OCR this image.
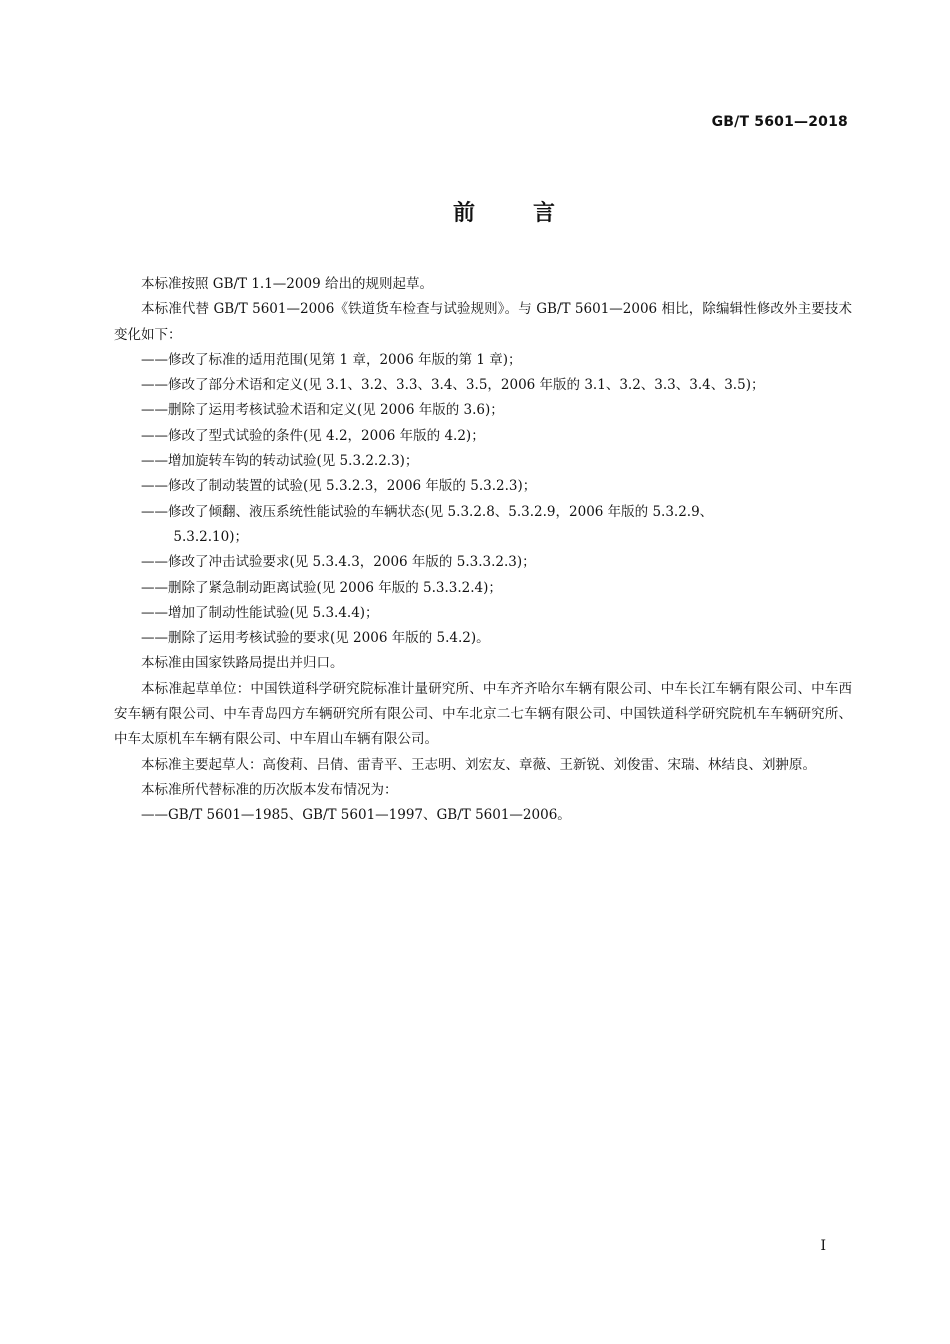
GB/T 5601—2018
前言
本标准按照 GB/T 1.1—2009 给出的规则起草。
本标准代替 GB/T 5601—2006《铁道货车检查与试验规则》。与 GB/T 5601—2006 相比，除编辑性修改外主要技术变化如下：
——修改了标准的适用范围(见第 1 章，2006 年版的第 1 章)；
——修改了部分术语和定义(见 3.1、3.2、3.3、3.4、3.5，2006 年版的 3.1、3.2、3.3、3.4、3.5)；
——删除了运用考核试验术语和定义(见 2006 年版的 3.6)；
——修改了型式试验的条件(见 4.2，2006 年版的 4.2)；
——增加旋转车钩的转动试验(见 5.3.2.2.3)；
——修改了制动装置的试验(见 5.3.2.3，2006 年版的 5.3.2.3)；
——修改了倾翻、液压系统性能试验的车辆状态(见 5.3.2.8、5.3.2.9，2006 年版的 5.3.2.9、
5.3.2.10)；
——修改了冲击试验要求(见 5.3.4.3，2006 年版的 5.3.3.2.3)；
——删除了紧急制动距离试验(见 2006 年版的 5.3.3.2.4)；
——增加了制动性能试验(见 5.3.4.4)；
——删除了运用考核试验的要求(见 2006 年版的 5.4.2)。
本标准由国家铁路局提出并归口。
本标准起草单位：中国铁道科学研究院标准计量研究所、中车齐齐哈尔车辆有限公司、中车长江车辆有限公司、中车西安车辆有限公司、中车青岛四方车辆研究所有限公司、中车北京二七车辆有限公司、中国铁道科学研究院机车车辆研究所、中车太原机车车辆有限公司、中车眉山车辆有限公司。
本标准主要起草人：高俊莉、吕倩、雷青平、王志明、刘宏友、章薇、王新锐、刘俊雷、宋瑞、林结良、刘翀原。
本标准所代替标准的历次版本发布情况为：
——GB/T 5601—1985、GB/T 5601—1997、GB/T 5601—2006。
I
